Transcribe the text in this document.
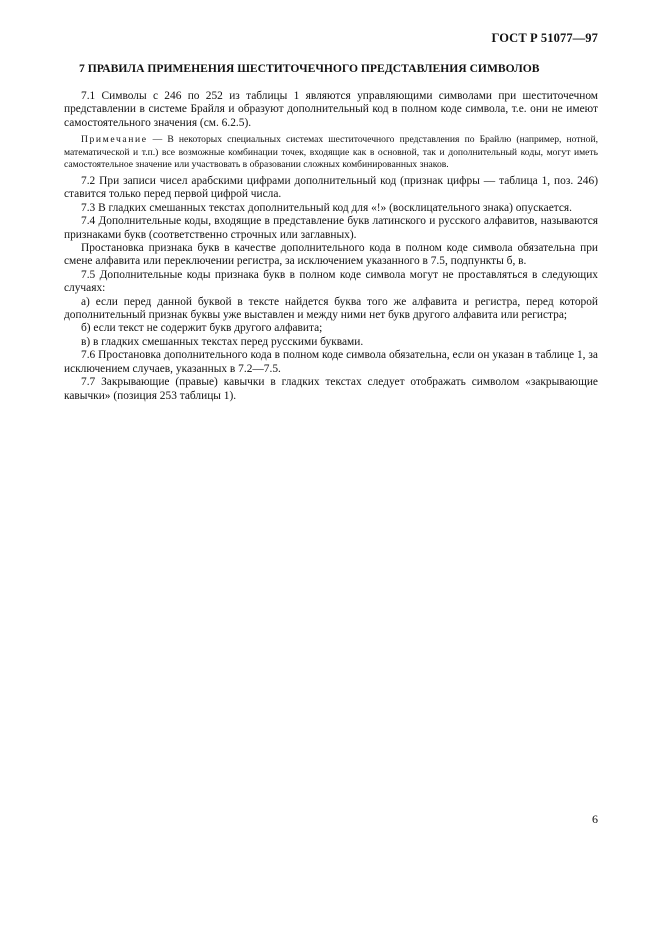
ГОСТ Р 51077—97
7 ПРАВИЛА ПРИМЕНЕНИЯ ШЕСТИТОЧЕЧНОГО ПРЕДСТАВЛЕНИЯ СИМВОЛОВ

7.1 Символы с 246 по 252 из таблицы 1 являются управляющими символами при шеститочечном представлении в системе Брайля и образуют дополнительный код в полном коде символа, т.е. они не имеют самостоятельного значения (см. 6.2.5).

Примечание — В некоторых специальных системах шеститочечного представления по Брайлю (например, нотной, математической и т.п.) все возможные комбинации точек, входящие как в основной, так и дополнительный коды, могут иметь самостоятельное значение или участвовать в образовании сложных комбинированных знаков.

7.2 При записи чисел арабскими цифрами дополнительный код (признак цифры — таблица 1, поз. 246) ставится только перед первой цифрой числа.

7.3 В гладких смешанных текстах дополнительный код для «!» (восклицательного знака) опускается.

7.4 Дополнительные коды, входящие в представление букв латинского и русского алфавитов, называются признаками букв (соответственно строчных или заглавных).

Простановка признака букв в качестве дополнительного кода в полном коде символа обязательна при смене алфавита или переключении регистра, за исключением указанного в 7.5, подпункты б, в.

7.5 Дополнительные коды признака букв в полном коде символа могут не проставляться в следующих случаях:

а) если перед данной буквой в тексте найдется буква того же алфавита и регистра, перед которой дополнительный признак буквы уже выставлен и между ними нет букв другого алфавита или регистра;

б) если текст не содержит букв другого алфавита;

в) в гладких смешанных текстах перед русскими буквами.

7.6 Простановка дополнительного кода в полном коде символа обязательна, если он указан в таблице 1, за исключением случаев, указанных в 7.2—7.5.

7.7 Закрывающие (правые) кавычки в гладких текстах следует отображать символом «закрывающие кавычки» (позиция 253 таблицы 1).

6
